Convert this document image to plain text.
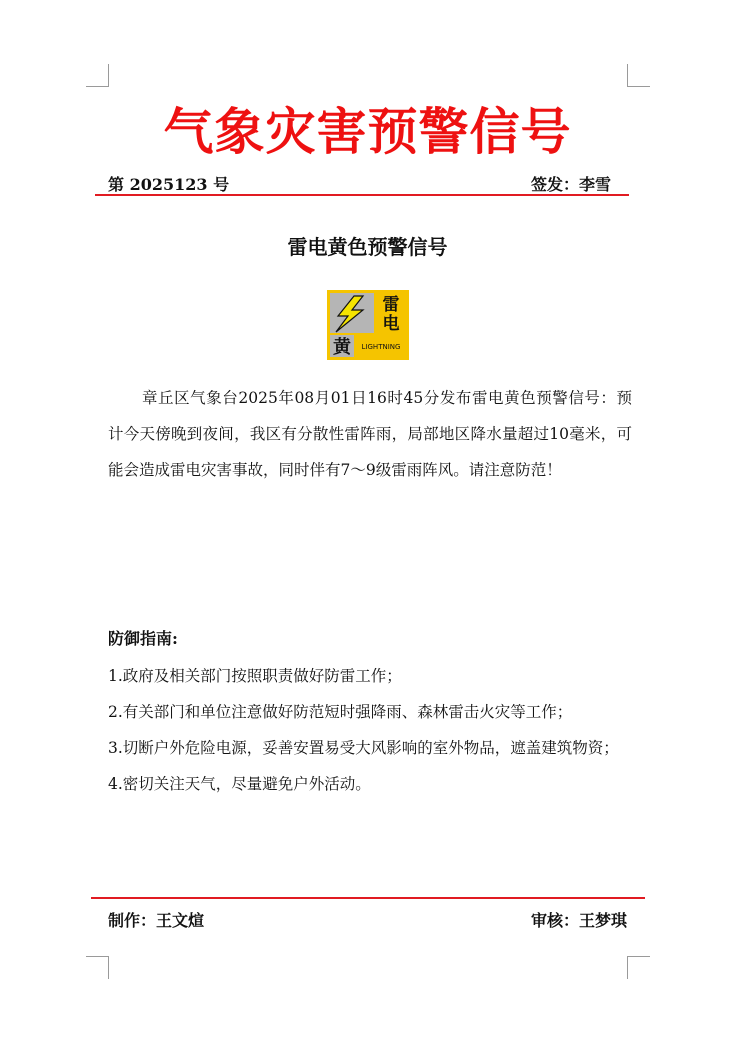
气象灾害预警信号

第 2025123 号	签发：李雪

雷电黄色预警信号
雷
电
黄 LIGHTNING

章丘区气象台2025年08月01日16时45分发布雷电黄色预警信号：预计今天傍晚到夜间，我区有分散性雷阵雨，局部地区降水量超过10毫米，可能会造成雷电灾害事故，同时伴有7～9级雷雨阵风。请注意防范！

防御指南:

1.政府及相关部门按照职责做好防雷工作；
2.有关部门和单位注意做好防范短时强降雨、森林雷击火灾等工作；
3.切断户外危险电源，妥善安置易受大风影响的室外物品，遮盖建筑物资；
4.密切关注天气，尽量避免户外活动。

制作：王文煊	审核：王梦琪
